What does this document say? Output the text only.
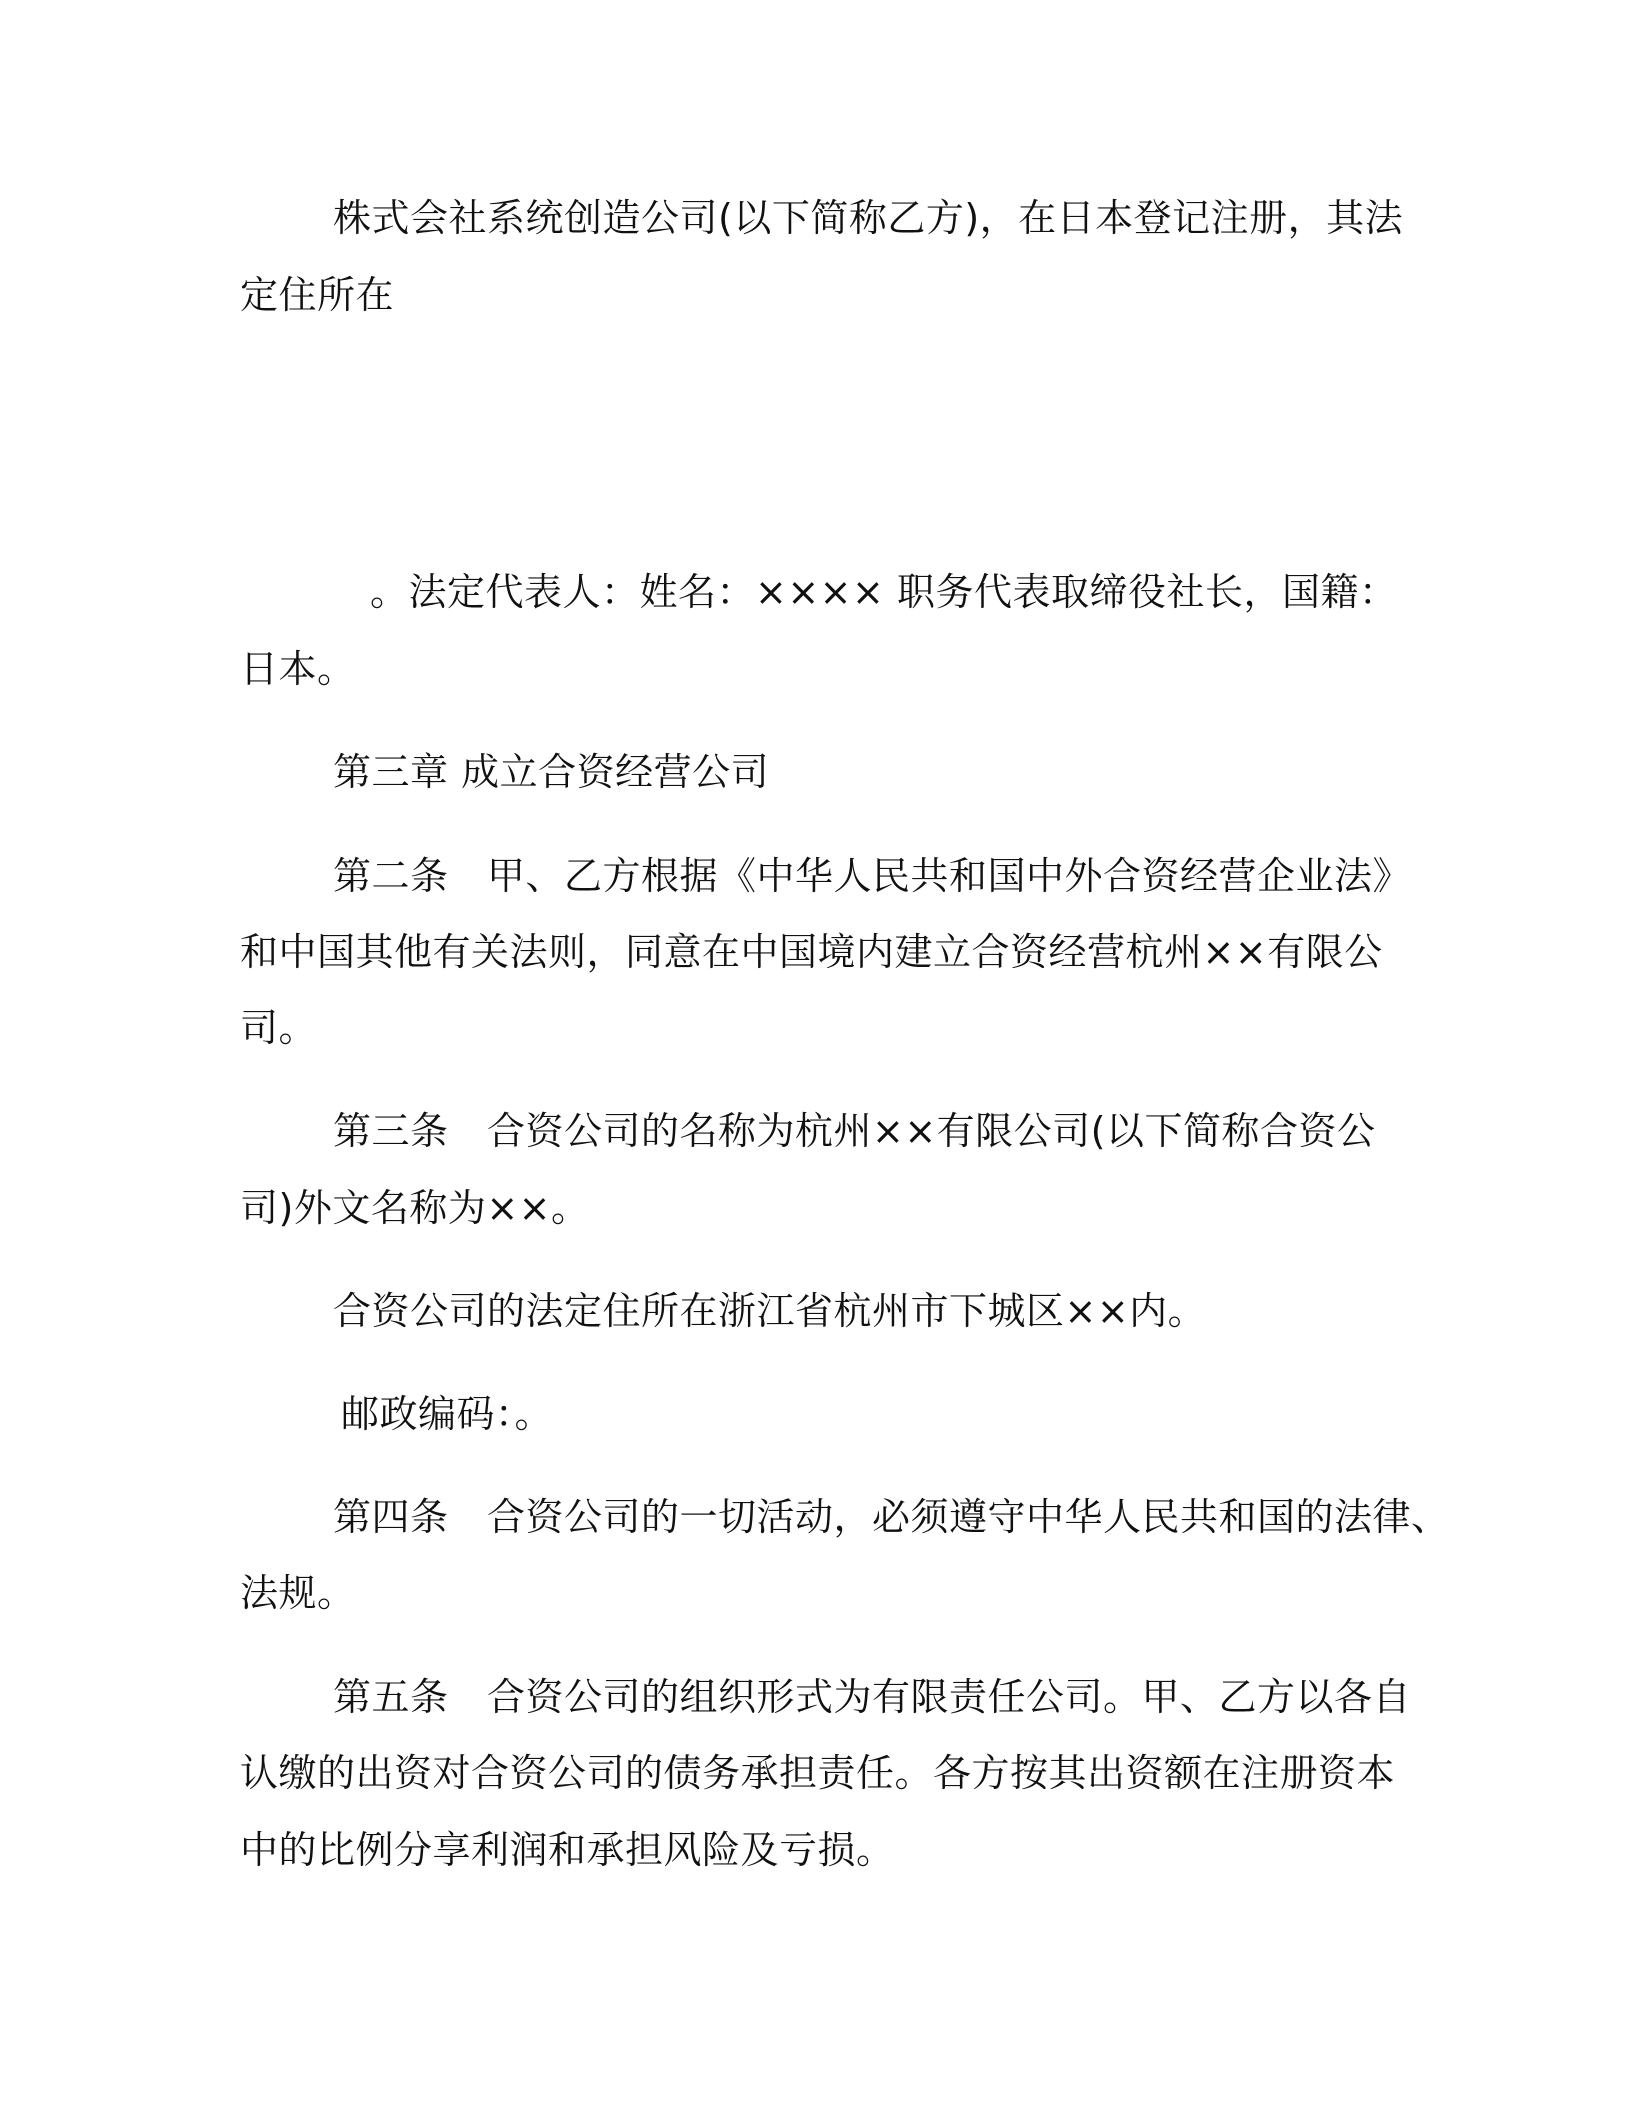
株式会社系统创造公司(以下简称乙方)，在日本登记注册，其法
定住所在
。法定代表人：姓名：×××× 职务代表取缔役社长，国籍：
日本。
第三章 成立合资经营公司
第二条　甲、乙方根据《中华人民共和国中外合资经营企业法》
和中国其他有关法则，同意在中国境内建立合资经营杭州××有限公
司。
第三条　合资公司的名称为杭州××有限公司(以下简称合资公
司)外文名称为××。
合资公司的法定住所在浙江省杭州市下城区××内。
邮政编码：。
第四条　合资公司的一切活动，必须遵守中华人民共和国的法律、
法规。
第五条　合资公司的组织形式为有限责任公司。甲、乙方以各自
认缴的出资对合资公司的债务承担责任。各方按其出资额在注册资本
中的比例分享利润和承担风险及亏损。
